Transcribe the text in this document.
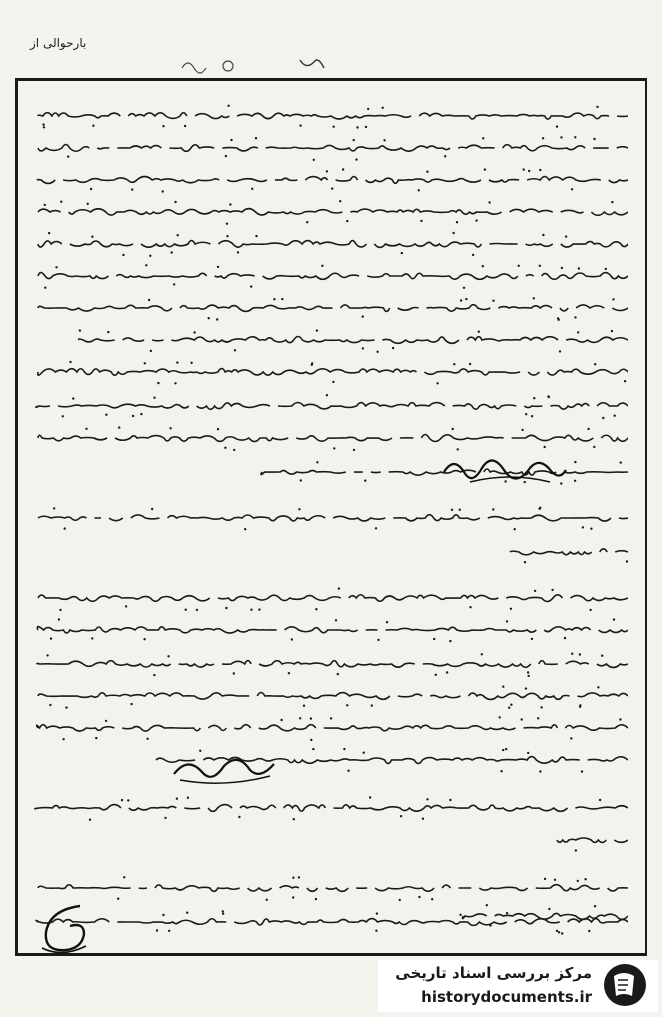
بارحوالی از
مرکز بررسی اسناد تاریخی
historydocuments.ir
